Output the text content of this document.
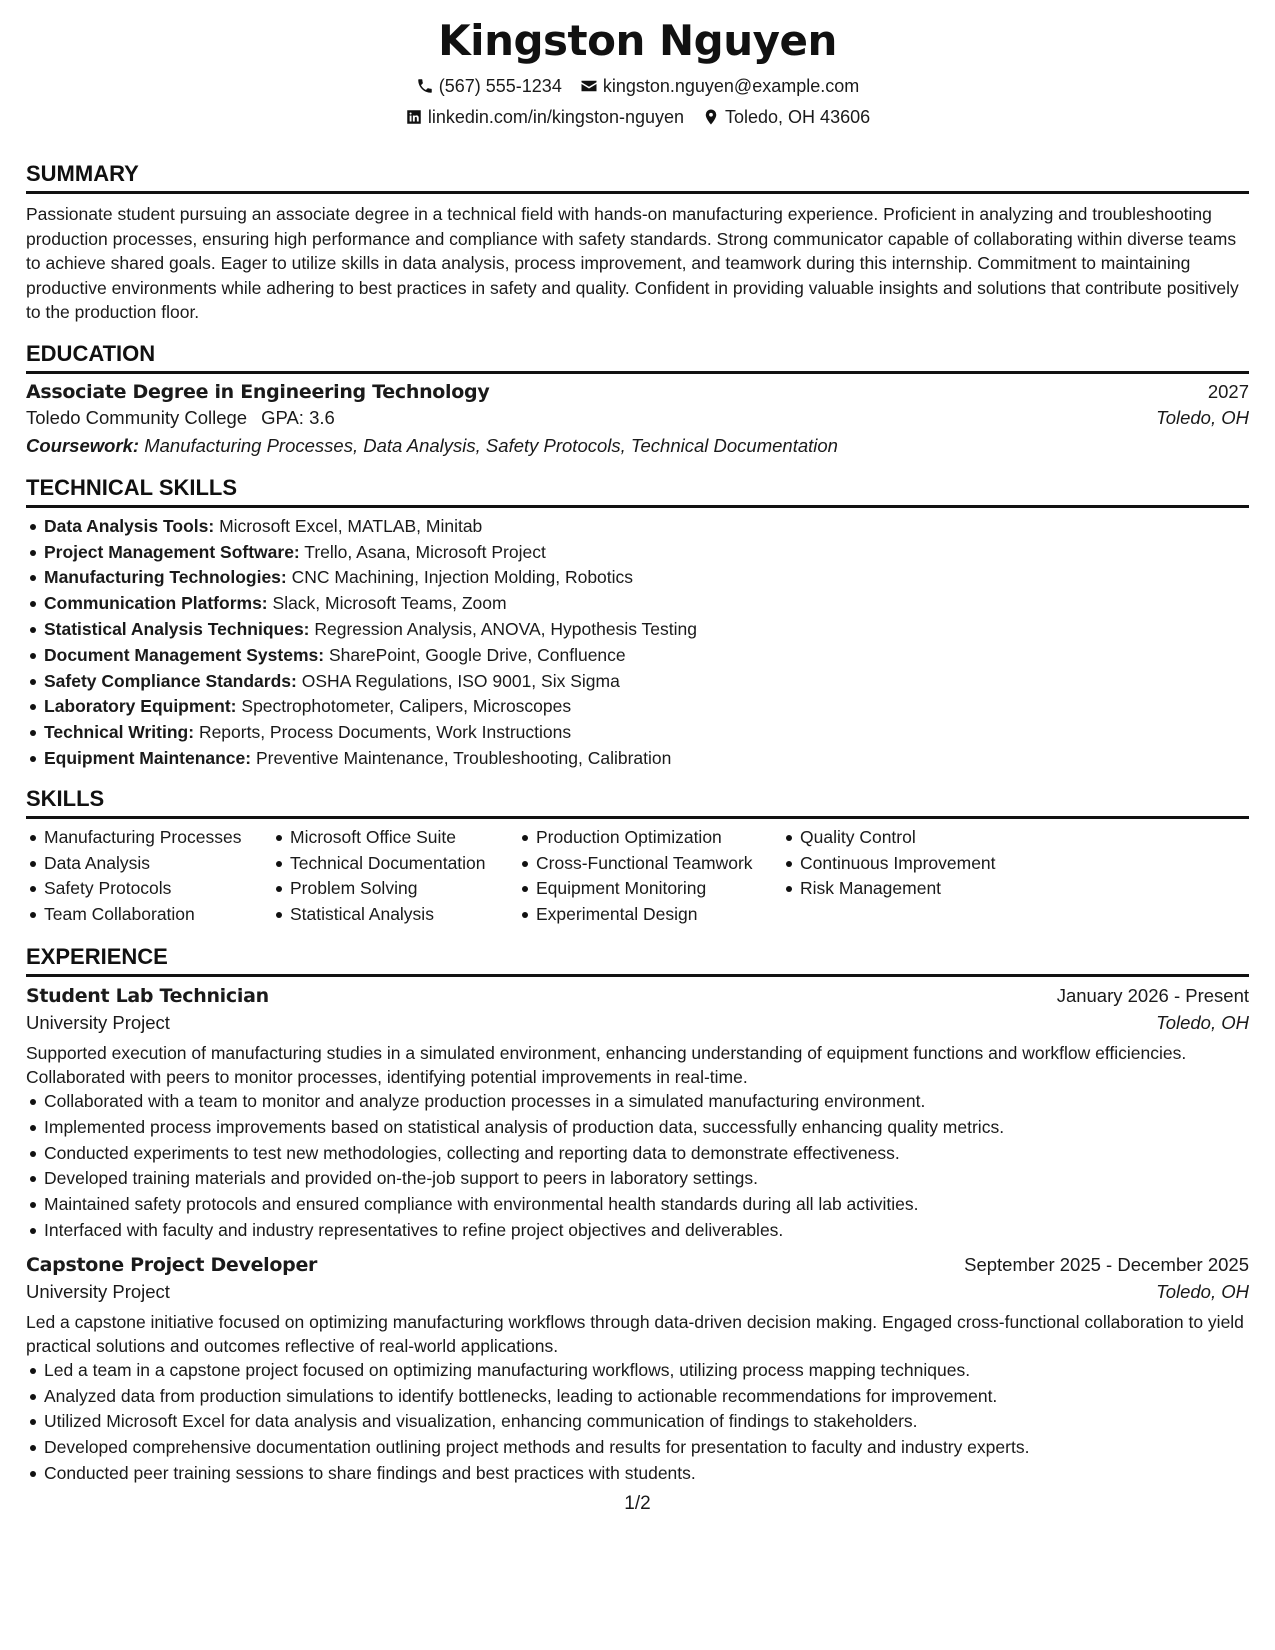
Kingston Nguyen
(567) 555-1234 kingston.nguyen@example.com
linkedin.com/in/kingston-nguyen Toledo, OH 43606
SUMMARY
Passionate student pursuing an associate degree in a technical field with hands-on manufacturing experience. Proficient in analyzing and troubleshooting production processes, ensuring high performance and compliance with safety standards. Strong communicator capable of collaborating within diverse teams to achieve shared goals. Eager to utilize skills in data analysis, process improvement, and teamwork during this internship. Commitment to maintaining productive environments while adhering to best practices in safety and quality. Confident in providing valuable insights and solutions that contribute positively to the production floor.
EDUCATION
Associate Degree in Engineering Technology	2027
Toledo Community College GPA: 3.6	Toledo, OH
Coursework: Manufacturing Processes, Data Analysis, Safety Protocols, Technical Documentation
TECHNICAL SKILLS
Data Analysis Tools: Microsoft Excel, MATLAB, Minitab
Project Management Software: Trello, Asana, Microsoft Project
Manufacturing Technologies: CNC Machining, Injection Molding, Robotics
Communication Platforms: Slack, Microsoft Teams, Zoom
Statistical Analysis Techniques: Regression Analysis, ANOVA, Hypothesis Testing
Document Management Systems: SharePoint, Google Drive, Confluence
Safety Compliance Standards: OSHA Regulations, ISO 9001, Six Sigma
Laboratory Equipment: Spectrophotometer, Calipers, Microscopes
Technical Writing: Reports, Process Documents, Work Instructions
Equipment Maintenance: Preventive Maintenance, Troubleshooting, Calibration
SKILLS
Manufacturing Processes
Data Analysis
Safety Protocols
Team Collaboration
Microsoft Office Suite
Technical Documentation
Problem Solving
Statistical Analysis
Production Optimization
Cross-Functional Teamwork
Equipment Monitoring
Experimental Design
Quality Control
Continuous Improvement
Risk Management
EXPERIENCE
Student Lab Technician	January 2026 - Present
University Project	Toledo, OH
Supported execution of manufacturing studies in a simulated environment, enhancing understanding of equipment functions and workflow efficiencies. Collaborated with peers to monitor processes, identifying potential improvements in real-time.
Collaborated with a team to monitor and analyze production processes in a simulated manufacturing environment.
Implemented process improvements based on statistical analysis of production data, successfully enhancing quality metrics.
Conducted experiments to test new methodologies, collecting and reporting data to demonstrate effectiveness.
Developed training materials and provided on-the-job support to peers in laboratory settings.
Maintained safety protocols and ensured compliance with environmental health standards during all lab activities.
Interfaced with faculty and industry representatives to refine project objectives and deliverables.
Capstone Project Developer	September 2025 - December 2025
University Project	Toledo, OH
Led a capstone initiative focused on optimizing manufacturing workflows through data-driven decision making. Engaged cross-functional collaboration to yield practical solutions and outcomes reflective of real-world applications.
Led a team in a capstone project focused on optimizing manufacturing workflows, utilizing process mapping techniques.
Analyzed data from production simulations to identify bottlenecks, leading to actionable recommendations for improvement.
Utilized Microsoft Excel for data analysis and visualization, enhancing communication of findings to stakeholders.
Developed comprehensive documentation outlining project methods and results for presentation to faculty and industry experts.
Conducted peer training sessions to share findings and best practices with students.
1/2
